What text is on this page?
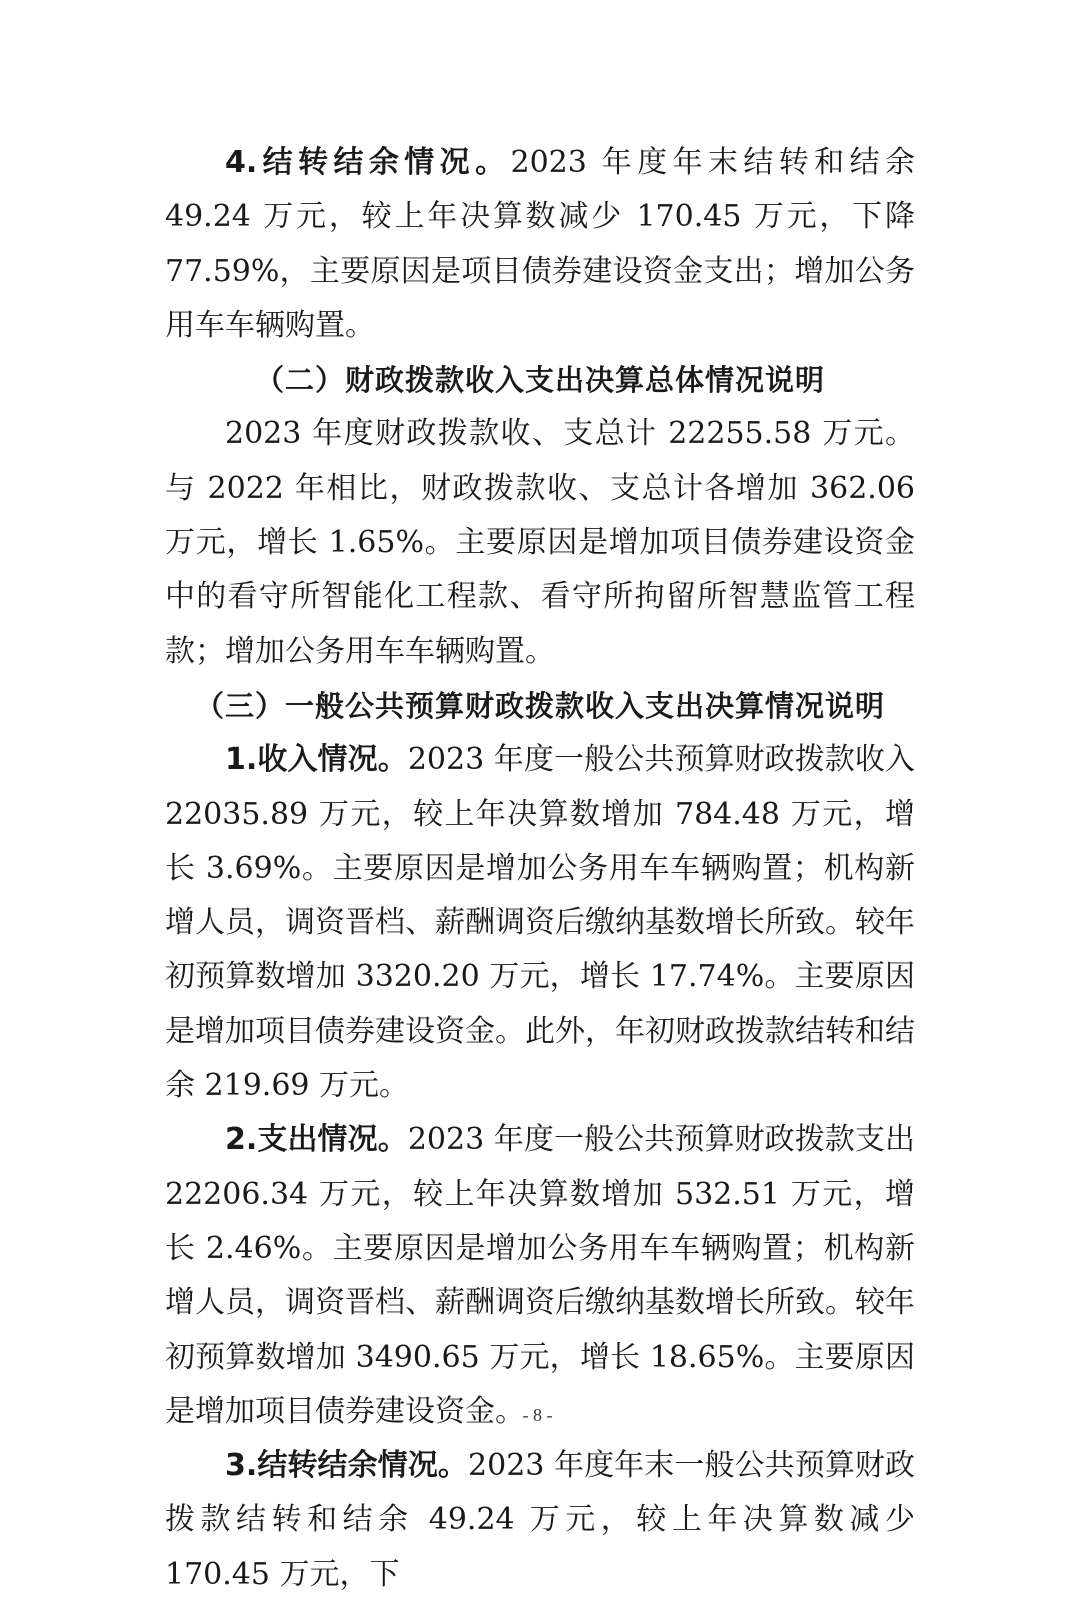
4.结转结余情况。2023 年度年末结转和结余 49.24 万元，较上年决算数减少 170.45 万元，下降 77.59%，主要原因是项目债券建设资金支出；增加公务用车车辆购置。

（二）财政拨款收入支出决算总体情况说明

2023 年度财政拨款收、支总计 22255.58 万元。与 2022 年相比，财政拨款收、支总计各增加 362.06 万元，增长 1.65%。主要原因是增加项目债券建设资金中的看守所智能化工程款、看守所拘留所智慧监管工程款；增加公务用车车辆购置。

（三）一般公共预算财政拨款收入支出决算情况说明

1.收入情况。2023 年度一般公共预算财政拨款收入 22035.89 万元，较上年决算数增加 784.48 万元，增长 3.69%。主要原因是增加公务用车车辆购置；机构新增人员，调资晋档、薪酬调资后缴纳基数增长所致。较年初预算数增加 3320.20 万元，增长 17.74%。主要原因是增加项目债券建设资金。此外，年初财政拨款结转和结余 219.69 万元。

2.支出情况。2023 年度一般公共预算财政拨款支出 22206.34 万元，较上年决算数增加 532.51 万元，增长 2.46%。主要原因是增加公务用车车辆购置；机构新增人员，调资晋档、薪酬调资后缴纳基数增长所致。较年初预算数增加 3490.65 万元，增长 18.65%。主要原因是增加项目债券建设资金。

3.结转结余情况。2023 年度年末一般公共预算财政拨款结转和结余 49.24 万元，较上年决算数减少 170.45 万元，下

- 8 -
